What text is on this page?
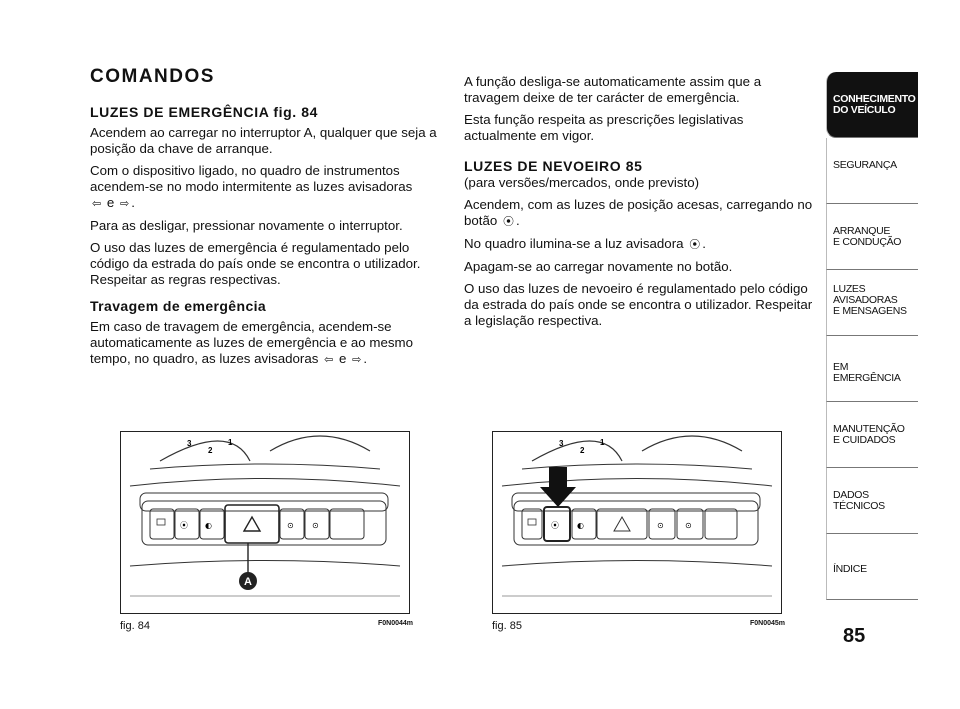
COMANDOS
LUZES DE EMERGÊNCIA fig. 84

Acendem ao carregar no interruptor A, qualquer que seja a posição da chave de arranque.

Com o dispositivo ligado, no quadro de instrumentos acendem-se no modo intermitente as luzes avisadoras
⇦ e ⇨ .

Para as desligar, pressionar novamente o interruptor.

O uso das luzes de emergência é regulamentado pelo código da estrada do país onde se encontra o utilizador. Respeitar as regras respectivas.

Travagem de emergência

Em caso de travagem de emergência, acendem-se automaticamente as luzes de emergência e ao mesmo tempo, no quadro, as luzes avisadoras ⇦ e ⇨ .

A função desliga-se automaticamente assim que a travagem deixe de ter carácter de emergência.

Esta função respeita as prescrições legislativas actualmente em vigor.

LUZES DE NEVOEIRO 85

(para versões/mercados, onde previsto)

Acendem, com as luzes de posição acesas, carregando no botão ⦿ .

No quadro ilumina-se a luz avisadora ⦿ .

Apagam-se ao carregar novamente no botão.

O uso das luzes de nevoeiro é regulamentado pelo código da estrada do país onde se encontra o utilizador. Respeitar a legislação respectiva.

3
2
1
⦿ ◐	⊙ ⊙
A
fig. 84	F0N0044m
3
2
1
⦿ ◐	⊙	⊙
fig. 85	F0N0045m
CONHECIMENTO
DO VEÍCULO
SEGURANÇA
ARRANQUE
E CONDUÇÃO
LUZES
AVISADORAS
E MENSAGENS
EM EMERGÊNCIA
MANUTENÇÃO
E CUIDADOS
DADOS
TÉCNICOS
ÍNDICE
85
